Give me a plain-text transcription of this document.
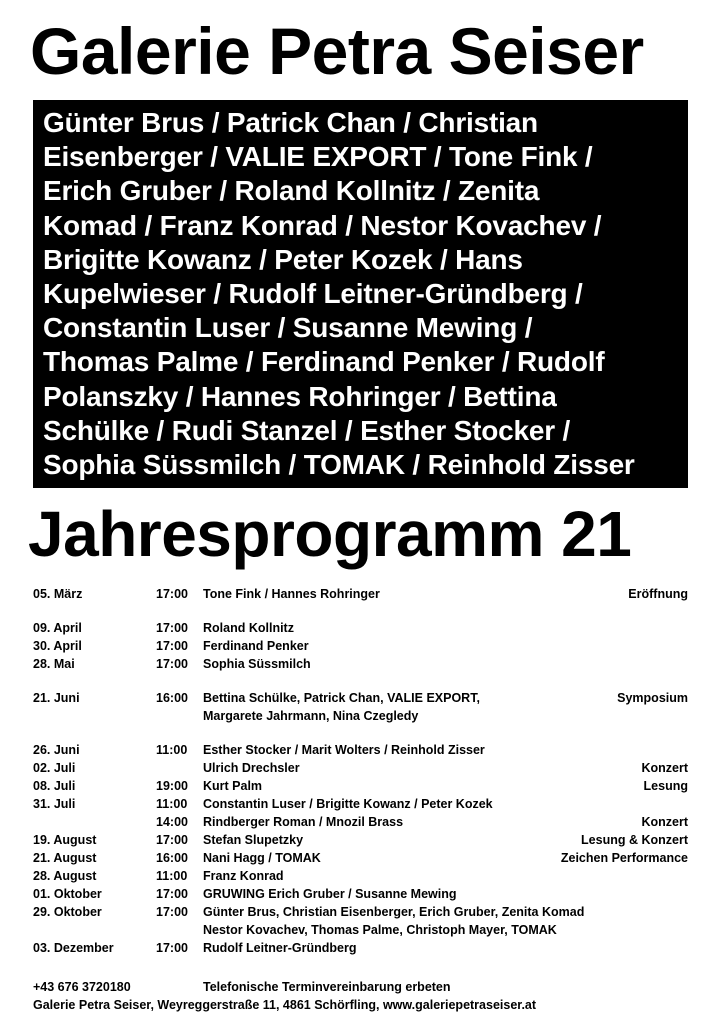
Galerie Petra Seiser
Günter Brus / Patrick Chan / Christian
Eisenberger / VALIE EXPORT / Tone Fink /
Erich Gruber / Roland Kollnitz / Zenita
Komad / Franz Konrad / Nestor Kovachev /
Brigitte Kowanz / Peter Kozek / Hans
Kupelwieser / Rudolf Leitner-Gründberg /
Constantin Luser / Susanne Mewing /
Thomas Palme / Ferdinand Penker / Rudolf
Polanszky / Hannes Rohringer / Bettina
Schülke / Rudi Stanzel / Esther Stocker /
Sophia Süssmilch / TOMAK / Reinhold Zisser
Jahresprogramm 21
05. März	17:00 Tone Fink / Hannes Rohringer	Eröffnung
09. April	17:00 Roland Kollnitz
30. April	17:00 Ferdinand Penker
28. Mai	17:00 Sophia Süssmilch
21. Juni	16:00 Bettina Schülke, Patrick Chan, VALIE EXPORT,	Symposium
Margarete Jahrmann, Nina Czegledy
26. Juni	11:00 Esther Stocker / Marit Wolters / Reinhold Zisser
02. Juli	Ulrich Drechsler	Konzert
08. Juli	19:00 Kurt Palm	Lesung
31. Juli	11:00 Constantin Luser / Brigitte Kowanz / Peter Kozek
14:00 Rindberger Roman / Mnozil Brass	Konzert
19. August	17:00 Stefan Slupetzky	Lesung & Konzert
21. August	16:00 Nani Hagg / TOMAK	Zeichen Performance
28. August	11:00 Franz Konrad
01. Oktober	17:00 GRUWING Erich Gruber / Susanne Mewing
29. Oktober	17:00 Günter Brus, Christian Eisenberger, Erich Gruber, Zenita Komad
Nestor Kovachev, Thomas Palme, Christoph Mayer, TOMAK
03. Dezember	17:00 Rudolf Leitner-Gründberg
+43 676 3720180	Telefonische Terminvereinbarung erbeten
Galerie Petra Seiser, Weyreggerstraße 11, 4861 Schörfling, www.galeriepetraseiser.at
